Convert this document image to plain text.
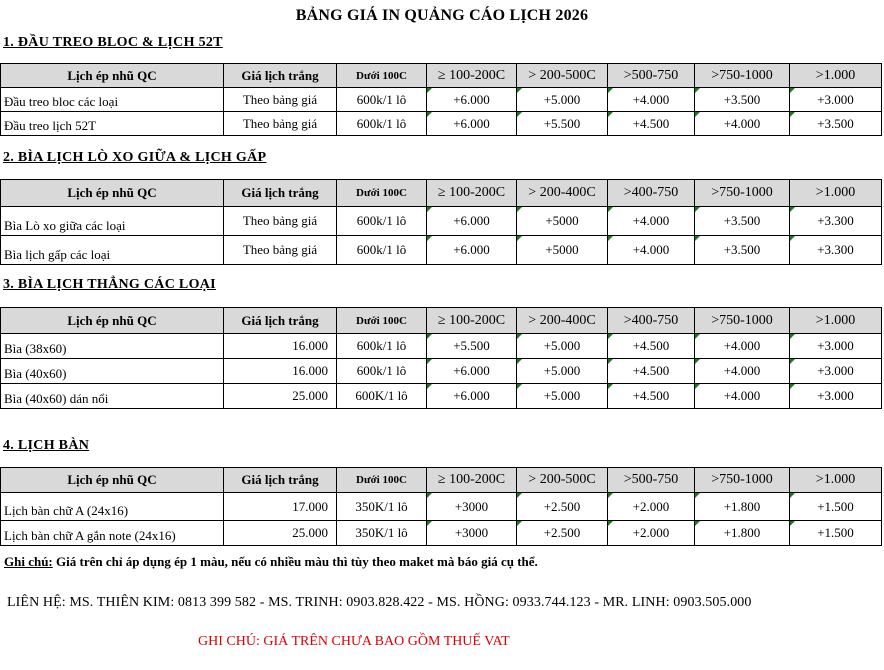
BẢNG GIÁ IN QUẢNG CÁO LỊCH 2026
1. ĐẦU TREO BLOC & LỊCH 52T
Lịch ép nhũ QC	Giá lịch trắng	Dưới 100C	≥ 100-200C	> 200-500C	>500-750	>750-1000	>1.000
Đầu treo bloc các loại	Theo bảng giá	600k/1 lô	+6.000	+5.000	+4.000	+3.500	+3.000
Đầu treo lịch 52T	Theo bảng giá	600k/1 lô	+6.000	+5.500	+4.500	+4.000	+3.500
2. BÌA LỊCH LÒ XO GIỮA & LỊCH GẤP
Lịch ép nhũ QC	Giá lịch trắng	Dưới 100C	≥ 100-200C	> 200-400C	>400-750	>750-1000	>1.000
Bìa Lò xo giữa các loại	Theo bảng giá	600k/1 lô	+6.000	+5000	+4.000	+3.500	+3.300
Bìa lịch gấp các loại	Theo bảng giá	600k/1 lô	+6.000	+5000	+4.000	+3.500	+3.300
3. BÌA LỊCH THẲNG CÁC LOẠI
Lịch ép nhũ QC	Giá lịch trắng	Dưới 100C	≥ 100-200C	> 200-400C	>400-750	>750-1000	>1.000
Bìa (38x60)	16.000	600k/1 lô	+5.500	+5.000	+4.500	+4.000	+3.000
Bìa (40x60)	16.000	600k/1 lô	+6.000	+5.000	+4.500	+4.000	+3.000
Bìa (40x60) dán nổi	25.000	600K/1 lô	+6.000	+5.000	+4.500	+4.000	+3.000
4. LỊCH BÀN
Lịch ép nhũ QC	Giá lịch trắng	Dưới 100C	≥ 100-200C	> 200-500C	>500-750	>750-1000	>1.000
Lịch bàn chữ A (24x16)	17.000	350K/1 lô	+3000	+2.500	+2.000	+1.800	+1.500
Lịch bàn chữ A gắn note (24x16)	25.000	350K/1 lô	+3000	+2.500	+2.000	+1.800	+1.500
Ghi chú: Giá trên chỉ áp dụng ép 1 màu, nếu có nhiều màu thì tùy theo maket mà báo giá cụ thể.
LIÊN HỆ: MS. THIÊN KIM: 0813 399 582 - MS. TRINH: 0903.828.422 - MS. HỒNG: 0933.744.123 - MR. LINH: 0903.505.000
GHI CHÚ: GIÁ TRÊN CHƯA BAO GỒM THUẾ VAT
